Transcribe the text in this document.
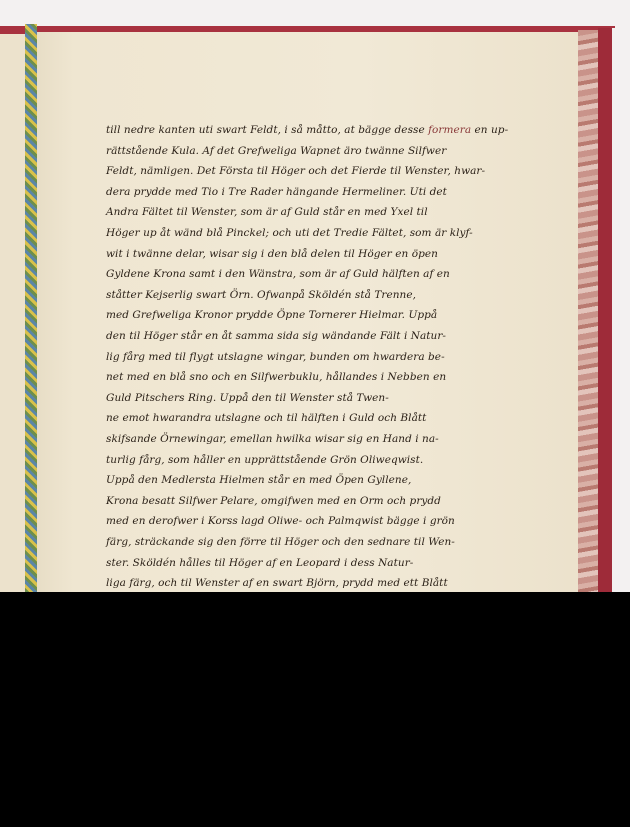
till nedre kanten uti swart Feldt, i så måtto, at bägge desse formera en up-

rättstående Kula. Af det Grefweliga Wapnet äro twänne Silfwer

Feldt, nämligen. Det Första til Höger och det Fierde til Wenster, hwar-

dera prydde med Tio i Tre Rader hängande Hermeliner. Uti det

Andra Fältet til Wenster, som är af Guld står en med Yxel til

Höger up åt wänd blå Pinckel; och uti det Tredie Fältet, som är klyf-

wit i twänne delar, wisar sig i den blå delen til Höger en öpen

Gyldene Krona samt i den Wänstra, som är af Guld hälften af en

ståtter Kejserlig swart Örn. Ofwanpå Sköldén stå Trenne,

med Grefweliga Kronor prydde Öpne Tornerer Hielmar. Uppå

den til Höger står en åt samma sida sig wändande Fält i Natur-

lig fårg med til flygt utslagne wingar, bunden om hwardera be-

net med en blå sno och en Silfwerbuklu, hållandes i Nebben en

Guld Pitschers Ring. Uppå den til Wenster stå Twen-

ne emot hwarandra utslagne och til hälften i Guld och Blått

skifsande Örnewingar, emellan hwilka wisar sig en Hand i na-

turlig fårg, som håller en upprättstående Grön Oliweqwist.

Uppå den Medlersta Hielmen står en med Öpen Gyllene,

Krona besatt Silfwer Pelare, omgifwen med en Orm och prydd

med en derofwer i Korss lagd Oliwe- och Palmqwist bägge i grön

färg, sträckande sig den förre til Höger och den sednare til Wen-

ster. Sköldén hålles til Höger af en Leopard i dess Natur-

liga färg, och til Wenster af en swart Björn, prydd med ett Blått
